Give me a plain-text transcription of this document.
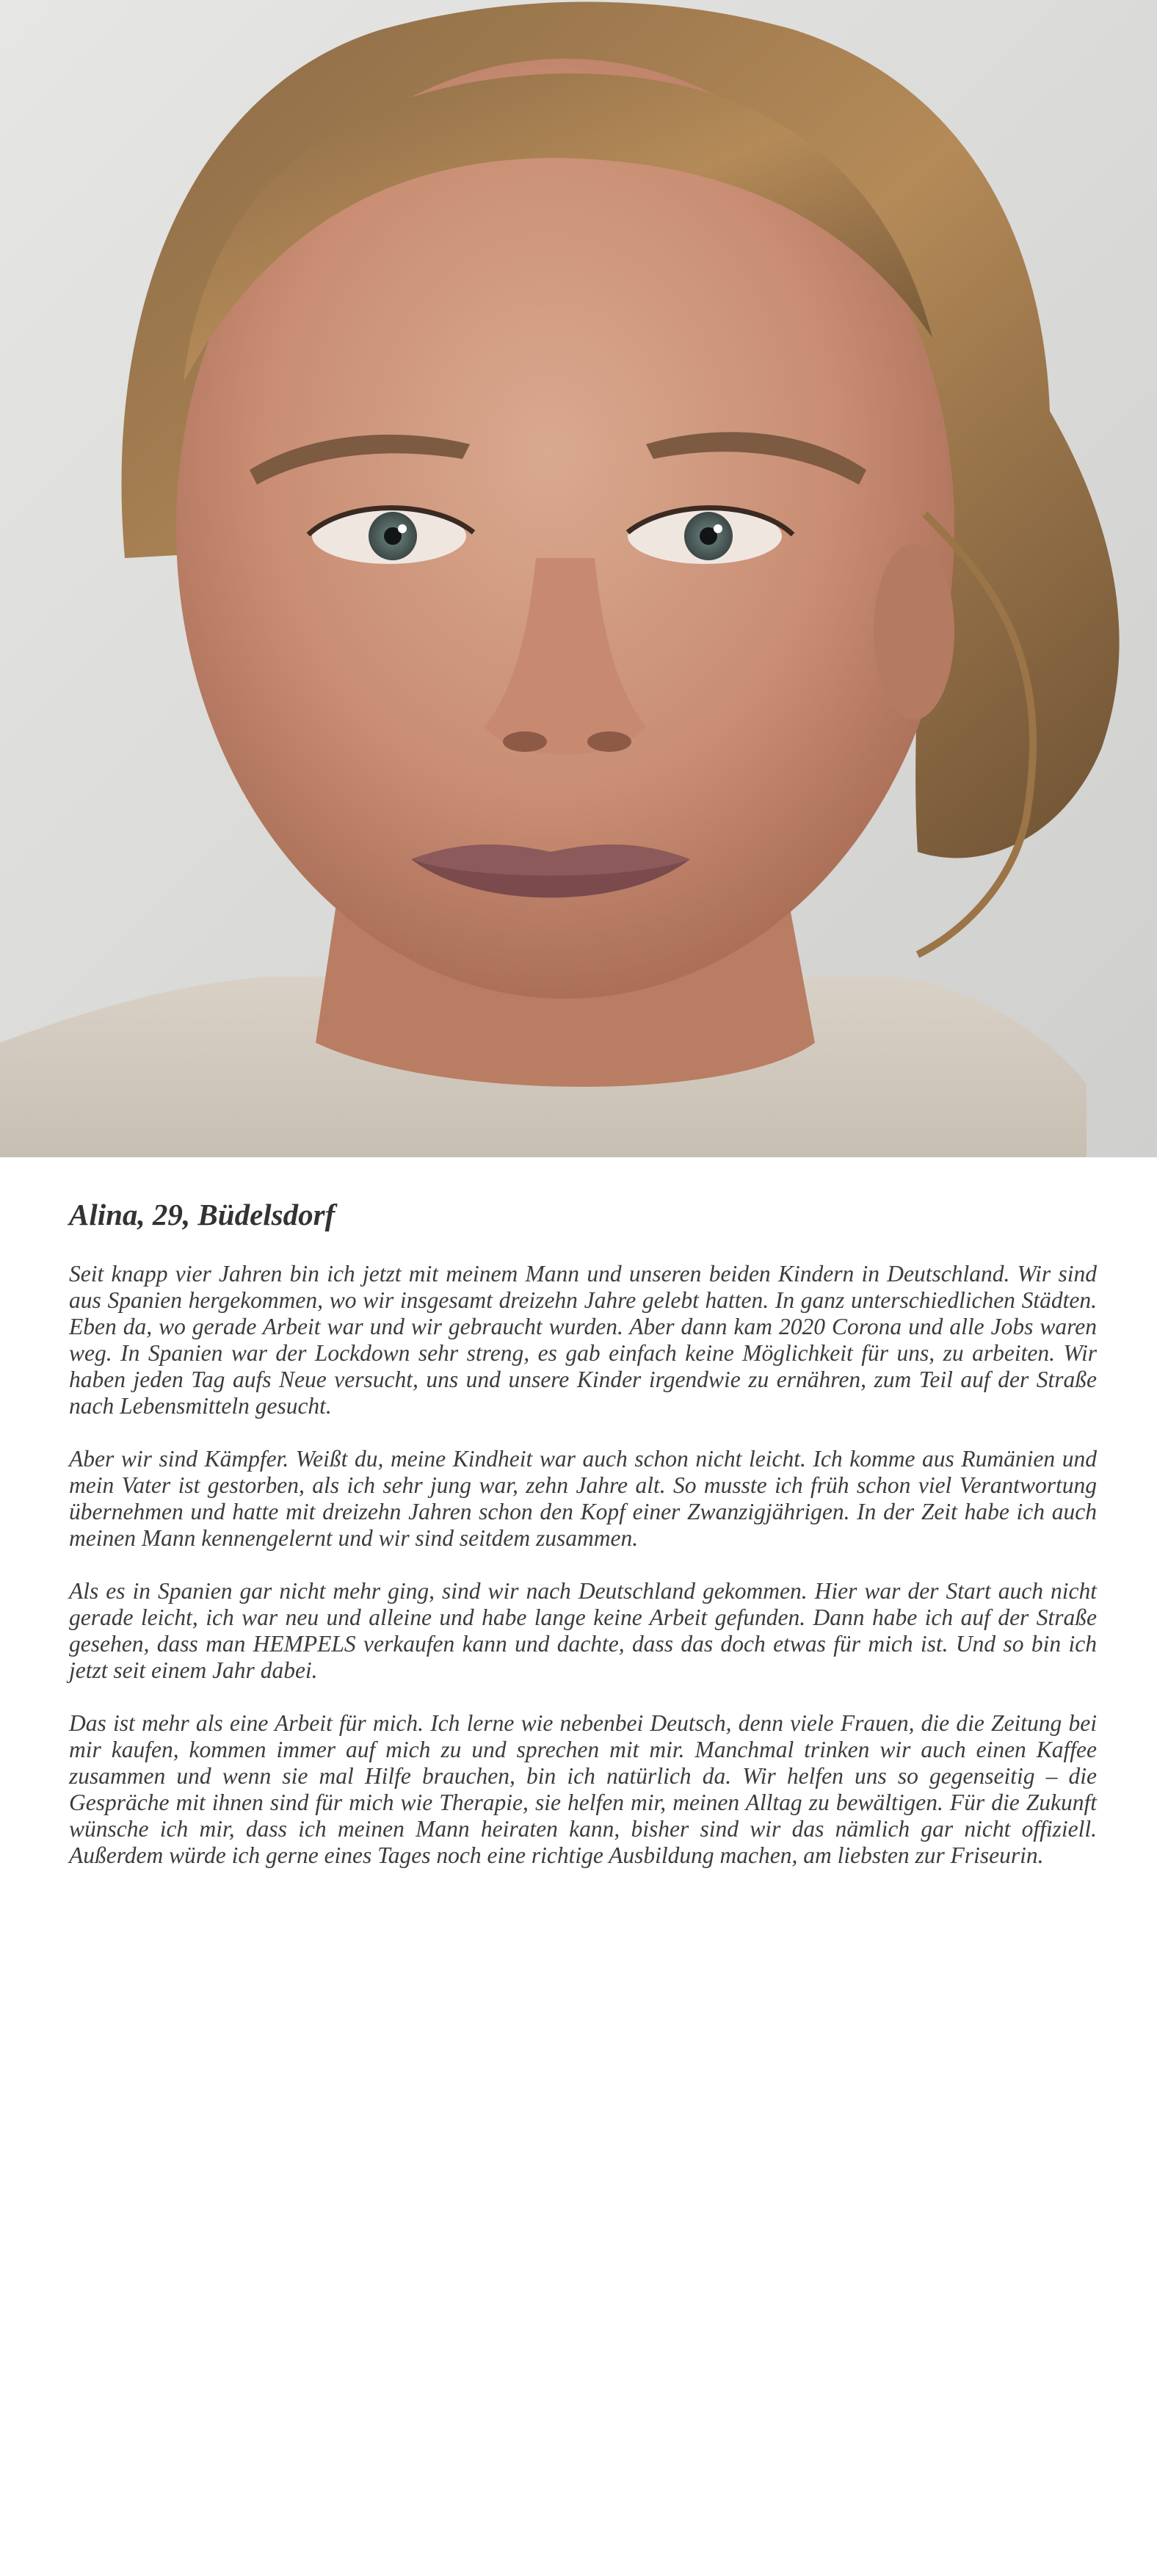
Alina, 29, Büdelsdorf

Seit knapp vier Jahren bin ich jetzt mit meinem Mann und unseren beiden Kindern in Deutschland. Wir sind aus Spanien hergekommen, wo wir insgesamt dreizehn Jahre gelebt hatten. In ganz unterschiedlichen Städten. Eben da, wo gerade Arbeit war und wir gebraucht wurden. Aber dann kam 2020 Corona und alle Jobs waren weg. In Spanien war der Lockdown sehr streng, es gab einfach keine Möglichkeit für uns, zu arbeiten. Wir haben jeden Tag aufs Neue versucht, uns und unsere Kinder irgendwie zu ernähren, zum Teil auf der Straße nach Lebensmitteln gesucht.

Aber wir sind Kämpfer. Weißt du, meine Kindheit war auch schon nicht leicht. Ich komme aus Rumänien und mein Vater ist gestorben, als ich sehr jung war, zehn Jahre alt. So musste ich früh schon viel Verantwortung übernehmen und hatte mit dreizehn Jahren schon den Kopf einer Zwanzigjährigen. In der Zeit habe ich auch meinen Mann kennengelernt und wir sind seitdem zusammen.

Als es in Spanien gar nicht mehr ging, sind wir nach Deutschland gekommen. Hier war der Start auch nicht gerade leicht, ich war neu und alleine und habe lange keine Arbeit gefunden. Dann habe ich auf der Straße gesehen, dass man HEMPELS verkaufen kann und dachte, dass das doch etwas für mich ist. Und so bin ich jetzt seit einem Jahr dabei.

Das ist mehr als eine Arbeit für mich. Ich lerne wie nebenbei Deutsch, denn viele Frauen, die die Zeitung bei mir kaufen, kommen immer auf mich zu und sprechen mit mir. Manchmal trinken wir auch einen Kaffee zusammen und wenn sie mal Hilfe brauchen, bin ich natürlich da. Wir helfen uns so gegenseitig – die Gespräche mit ihnen sind für mich wie Therapie, sie helfen mir, meinen Alltag zu bewältigen. Für die Zukunft wünsche ich mir, dass ich meinen Mann heiraten kann, bisher sind wir das nämlich gar nicht offiziell. Außerdem würde ich gerne eines Tages noch eine richtige Ausbildung machen, am liebsten zur Friseurin.
